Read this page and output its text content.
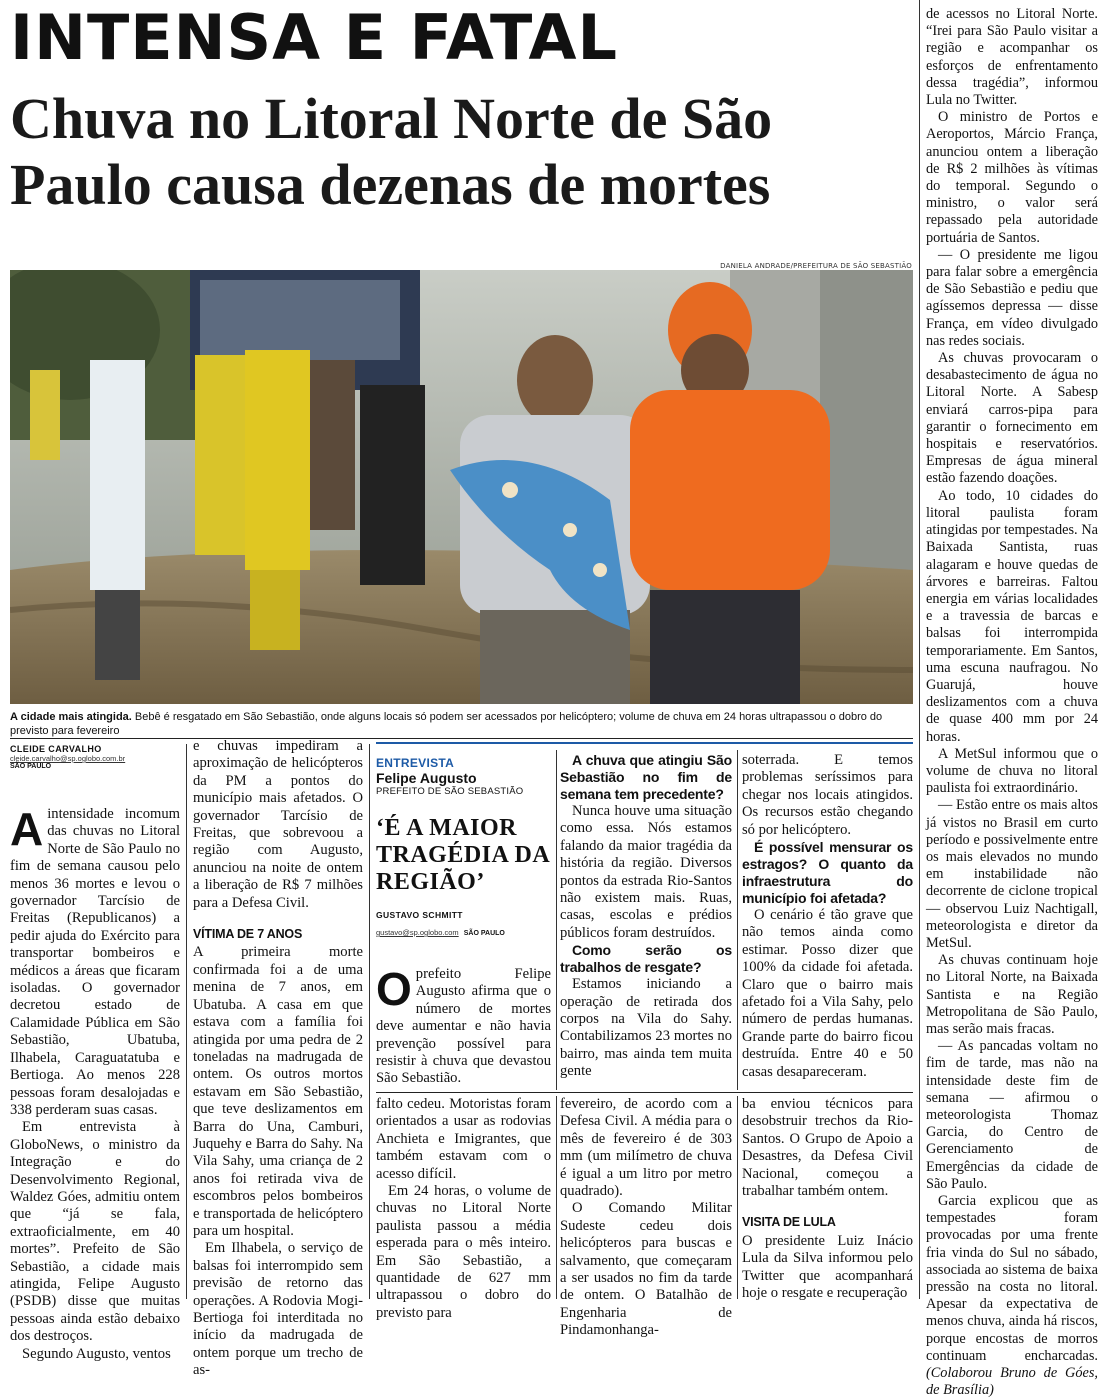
INTENSA E FATAL
Chuva no Litoral Norte de São Paulo causa dezenas de mortes
DANIELA ANDRADE/PREFEITURA DE SÃO SEBASTIÃO
A cidade mais atingida. Bebê é resgatado em São Sebastião, onde alguns locais só podem ser acessados por helicóptero; volume de chuva em 24 horas ultrapassou o dobro do previsto para fevereiro
CLEIDE CARVALHO
cleide.carvalho@sp.oglobo.com.br
SÃO PAULO

Aintensidade incomum das chuvas no Litoral Norte de São Paulo no fim de semana causou pelo menos 36 mortes e levou o governador Tarcísio de Freitas (Republicanos) a pedir ajuda do Exército para transportar bombeiros e médicos a áreas que ficaram isoladas. O governador decretou estado de Calamidade Pública em São Sebastião, Ubatuba, Ilhabela, Caraguatatuba e Bertioga. Ao menos 228 pessoas foram desalojadas e 338 perderam suas casas.

Em entrevista à GloboNews, o ministro da Integração e do Desenvolvimento Regional, Waldez Góes, admitiu ontem que “já se fala, extraoficialmente, em 40 mortes”. Prefeito de São Sebastião, a cidade mais atingida, Felipe Augusto (PSDB) disse que muitas pessoas ainda estão debaixo dos destroços.

Segundo Augusto, ventos

e chuvas impediram a aproximação de helicópteros da PM a pontos do município mais afetados. O governador Tarcísio de Freitas, que sobrevoou a região com Augusto, anunciou na noite de ontem a liberação de R$ 7 milhões para a Defesa Civil.

VÍTIMA DE 7 ANOS

A primeira morte confirmada foi a de uma menina de 7 anos, em Ubatuba. A casa em que estava com a família foi atingida por uma pedra de 2 toneladas na madrugada de ontem. Os outros mortos estavam em São Sebastião, que teve deslizamentos em Barra do Una, Camburi, Juquehy e Barra do Sahy. Na Vila Sahy, uma criança de 2 anos foi retirada viva de escombros pelos bombeiros e transportada de helicóptero para um hospital.

Em Ilhabela, o serviço de balsas foi interrompido sem previsão de retorno das operações. A Rodovia Mogi-Bertioga foi interditada no início da madrugada de ontem porque um trecho de as-

ENTREVISTA
Felipe Augusto
PREFEITO DE SÃO SEBASTIÃO
‘É A MAIOR TRAGÉDIA DA REGIÃO’
GUSTAVO SCHMITT
gustavo@sp.oglobo.com SÃO PAULO

Oprefeito Felipe Augusto afirma que o número de mortes deve aumentar e não havia prevenção possível para resistir à chuva que devastou São Sebastião.

A chuva que atingiu São Sebastião no fim de semana tem precedente?

Nunca houve uma situação como essa. Nós estamos falando da maior tragédia da história da região. Diversos pontos da estrada Rio-Santos não existem mais. Ruas, casas, escolas e prédios públicos foram destruídos.

Como serão os trabalhos de resgate?

Estamos iniciando a operação de retirada dos corpos na Vila do Sahy. Contabilizamos 23 mortes no bairro, mas ainda tem muita gente

soterrada. E temos problemas seríssimos para chegar nos locais atingidos. Os recursos estão chegando só por helicóptero.

É possível mensurar os estragos? O quanto da infraestrutura do município foi afetada?

O cenário é tão grave que não temos ainda como estimar. Posso dizer que 100% da cidade foi afetada. Claro que o bairro mais afetado foi a Vila Sahy, pelo número de perdas humanas. Grande parte do bairro ficou destruída. Entre 40 e 50 casas desapareceram.

falto cedeu. Motoristas foram orientados a usar as rodovias Anchieta e Imigrantes, que também estavam com o acesso difícil.

Em 24 horas, o volume de chuvas no Litoral Norte paulista passou a média esperada para o mês inteiro. Em São Sebastião, a quantidade de 627 mm ultrapassou o dobro do previsto para

fevereiro, de acordo com a Defesa Civil. A média para o mês de fevereiro é de 303 mm (um milímetro de chuva é igual a um litro por metro quadrado).

O Comando Militar Sudeste cedeu dois helicópteros para buscas e salvamento, que começaram a ser usados no fim da tarde de ontem. O Batalhão de Engenharia de Pindamonhanga-

ba enviou técnicos para desobstruir trechos da Rio-Santos. O Grupo de Apoio a Desastres, da Defesa Civil Nacional, começou a trabalhar também ontem.

VISITA DE LULA

O presidente Luiz Inácio Lula da Silva informou pelo Twitter que acompanhará hoje o resgate e recuperação

de acessos no Litoral Norte. “Irei para São Paulo visitar a região e acompanhar os esforços de enfrentamento dessa tragédia”, informou Lula no Twitter.

O ministro de Portos e Aeroportos, Márcio França, anunciou ontem a liberação de R$ 2 milhões às vítimas do temporal. Segundo o ministro, o valor será repassado pela autoridade portuária de Santos.

— O presidente me ligou para falar sobre a emergência de São Sebastião e pediu que agíssemos depressa — disse França, em vídeo divulgado nas redes sociais.

As chuvas provocaram o desabastecimento de água no Litoral Norte. A Sabesp enviará carros-pipa para garantir o fornecimento em hospitais e reservatórios. Empresas de água mineral estão fazendo doações.

Ao todo, 10 cidades do litoral paulista foram atingidas por tempestades. Na Baixada Santista, ruas alagaram e houve quedas de árvores e barreiras. Faltou energia em várias localidades e a travessia de barcas e balsas foi interrompida temporariamente. Em Santos, uma escuna naufragou. No Guarujá, houve deslizamentos com a chuva de quase 400 mm por 24 horas.

A MetSul informou que o volume de chuva no litoral paulista foi extraordinário.

— Estão entre os mais altos já vistos no Brasil em curto período e possivelmente entre os mais elevados no mundo em instabilidade não decorrente de ciclone tropical — observou Luiz Nachtigall, meteorologista e diretor da MetSul.

As chuvas continuam hoje no Litoral Norte, na Baixada Santista e na Região Metropolitana de São Paulo, mas serão mais fracas.

— As pancadas voltam no fim de tarde, mas não na intensidade deste fim de semana — afirmou o meteorologista Thomaz Garcia, do Centro de Gerenciamento de Emergências da cidade de São Paulo.

Garcia explicou que as tempestades foram provocadas por uma frente fria vinda do Sul no sábado, associada ao sistema de baixa pressão na costa no litoral. Apesar da expectativa de menos chuva, ainda há riscos, porque encostas de morros continuam encharcadas. (Colaborou Bruno de Góes, de Brasília)
